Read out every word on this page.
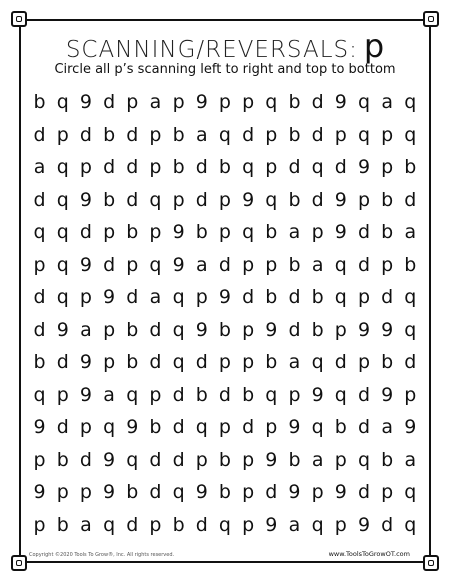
SCANNING/REVERSALS: p
Circle all p’s scanning left to right and top to bottom
b q 9 d p a p 9 p p q b d 9 q a q
d p d b d p b a q d p b d p q p q
a q p d d p b d b q p d q d 9 p b
d q 9 b d q p d p 9 q b d 9 p b d
q q d p b p 9 b p q b a p 9 d b a
p q 9 d p q 9 a d p p b a q d p b
d q p 9 d a q p 9 d b d b q p d q
d 9 a p b d q 9 b p 9 d b p 9 9 q
b d 9 p b d q d p p b a q d p b d
q p 9 a q p d b d b q p 9 q d 9 p
9 d p q 9 b d q p d p 9 q b d a 9
p b d 9 q d d p b p 9 b a p q b a
9 p p 9 b d q 9 b p d 9 p 9 d p q
p b a q d p b d q p 9 a q p 9 d q
Copyright ©2020 Tools To Grow®, Inc. All rights reserved.	www.ToolsToGrowOT.com
